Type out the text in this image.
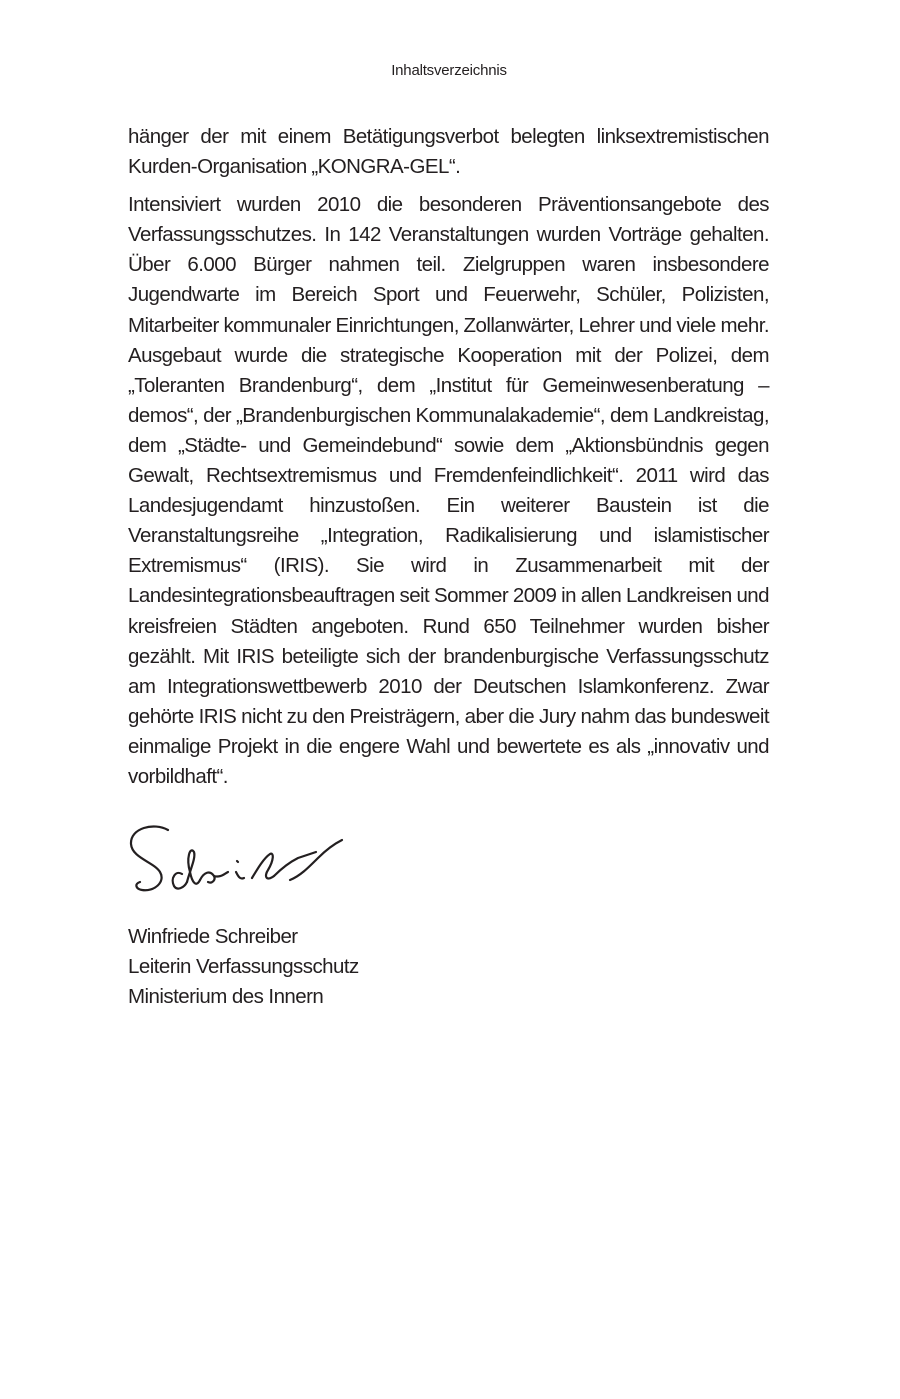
Inhaltsverzeichnis

hänger der mit einem Betätigungsverbot belegten linksextremistischen Kurden-Organisation „KONGRA-GEL“.

Intensiviert wurden 2010 die besonderen Präventionsangebote des Verfassungsschutzes. In 142 Veranstaltungen wurden Vorträge gehalten. Über 6.000 Bürger nahmen teil. Zielgruppen waren insbesondere Jugendwarte im Bereich Sport und Feuerwehr, Schüler, Polizisten, Mitarbeiter kommunaler Einrichtungen, Zollanwärter, Lehrer und viele mehr. Ausgebaut wurde die strategische Kooperation mit der Polizei, dem „Toleranten Brandenburg“, dem „Institut für Gemeinwesenberatung – demos“, der „Brandenburgischen Kommunalakademie“, dem Landkreistag, dem „Städte- und Gemeindebund“ sowie dem „Aktionsbündnis gegen Gewalt, Rechtsextremismus und Fremdenfeindlichkeit“. 2011 wird das Landesjugendamt hinzustoßen. Ein weiterer Baustein ist die Veranstaltungsreihe „Integration, Radikalisierung und islamistischer Extremismus“ (IRIS). Sie wird in Zusammenarbeit mit der Landesintegrationsbeauftragen seit Sommer 2009 in allen Landkreisen und kreisfreien Städten angeboten. Rund 650 Teilnehmer wurden bisher gezählt. Mit IRIS beteiligte sich der brandenburgische Verfassungsschutz am Integrationswettbewerb 2010 der Deutschen Islamkonferenz. Zwar gehörte IRIS nicht zu den Preisträgern, aber die Jury nahm das bundesweit einmalige Projekt in die engere Wahl und bewertete es als „innovativ und vorbildhaft“.

Winfriede Schreiber
Leiterin Verfassungsschutz
Ministerium des Innern
